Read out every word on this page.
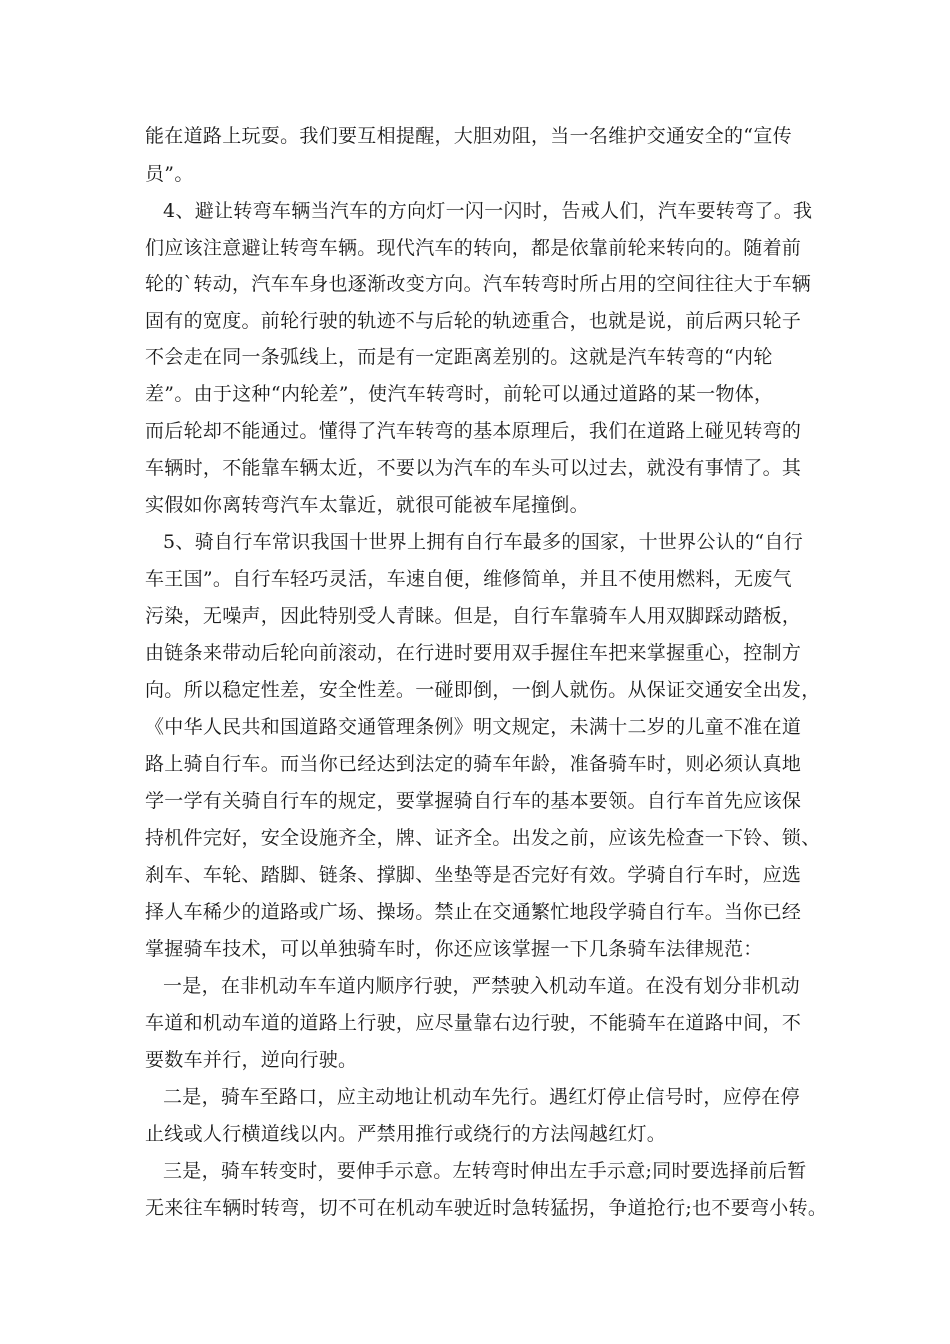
能在道路上玩耍。我们要互相提醒，大胆劝阻，当一名维护交通安全的“宣传
员”。
4、避让转弯车辆当汽车的方向灯一闪一闪时，告戒人们，汽车要转弯了。我
们应该注意避让转弯车辆。现代汽车的转向，都是依靠前轮来转向的。随着前
轮的`转动，汽车车身也逐渐改变方向。汽车转弯时所占用的空间往往大于车辆
固有的宽度。前轮行驶的轨迹不与后轮的轨迹重合，也就是说，前后两只轮子
不会走在同一条弧线上，而是有一定距离差别的。这就是汽车转弯的“内轮
差”。由于这种“内轮差”，使汽车转弯时，前轮可以通过道路的某一物体，
而后轮却不能通过。懂得了汽车转弯的基本原理后，我们在道路上碰见转弯的
车辆时，不能靠车辆太近，不要以为汽车的车头可以过去，就没有事情了。其
实假如你离转弯汽车太靠近，就很可能被车尾撞倒。
5、骑自行车常识我国十世界上拥有自行车最多的国家，十世界公认的“自行
车王国”。自行车轻巧灵活，车速自便，维修简单，并且不使用燃料，无废气
污染，无噪声，因此特别受人青睐。但是，自行车靠骑车人用双脚踩动踏板，
由链条来带动后轮向前滚动，在行进时要用双手握住车把来掌握重心，控制方
向。所以稳定性差，安全性差。一碰即倒，一倒人就伤。从保证交通安全出发，
《中华人民共和国道路交通管理条例》明文规定，未满十二岁的儿童不准在道
路上骑自行车。而当你已经达到法定的骑车年龄，准备骑车时，则必须认真地
学一学有关骑自行车的规定，要掌握骑自行车的基本要领。自行车首先应该保
持机件完好，安全设施齐全，牌、证齐全。出发之前，应该先检查一下铃、锁、
刹车、车轮、踏脚、链条、撑脚、坐垫等是否完好有效。学骑自行车时，应选
择人车稀少的道路或广场、操场。禁止在交通繁忙地段学骑自行车。当你已经
掌握骑车技术，可以单独骑车时，你还应该掌握一下几条骑车法律规范：
一是，在非机动车车道内顺序行驶，严禁驶入机动车道。在没有划分非机动
车道和机动车道的道路上行驶，应尽量靠右边行驶，不能骑车在道路中间，不
要数车并行，逆向行驶。
二是，骑车至路口，应主动地让机动车先行。遇红灯停止信号时，应停在停
止线或人行横道线以内。严禁用推行或绕行的方法闯越红灯。
三是，骑车转变时，要伸手示意。左转弯时伸出左手示意;同时要选择前后暂
无来往车辆时转弯，切不可在机动车驶近时急转猛拐，争道抢行;也不要弯小转。
